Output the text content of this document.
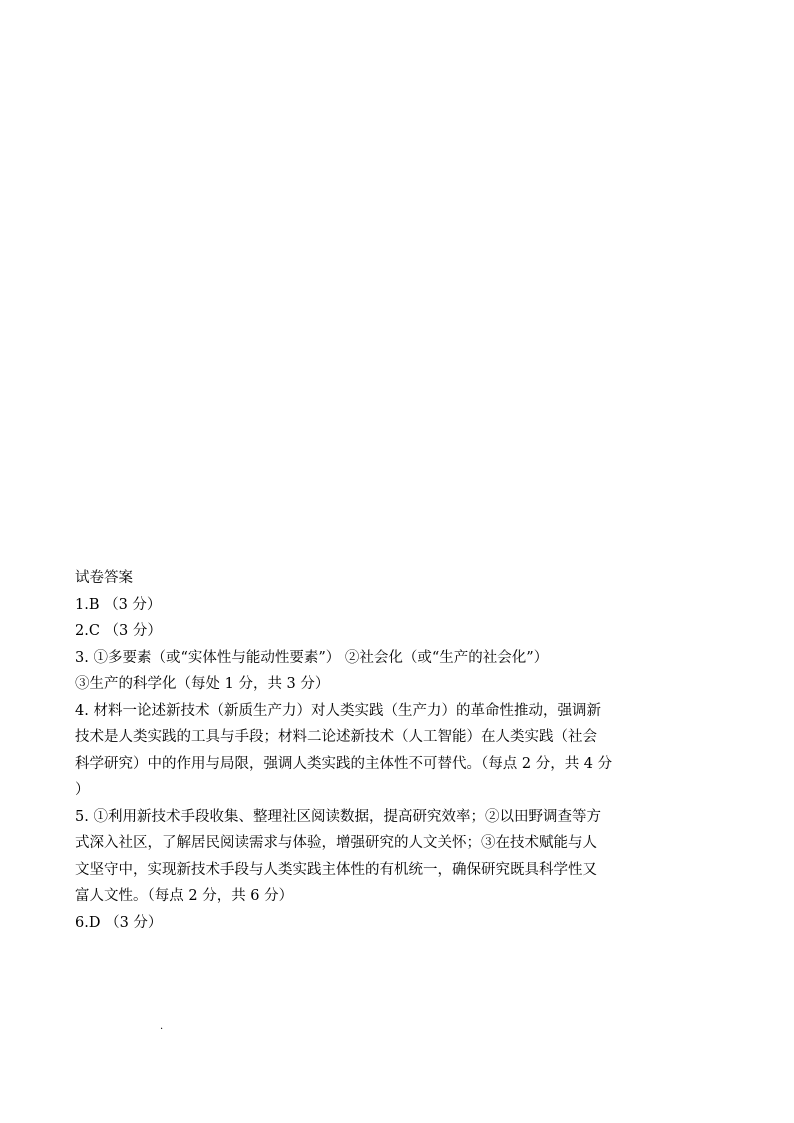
试卷答案
1.B （3 分）
2.C （3 分）
3. ①多要素（或“实体性与能动性要素”） ②社会化（或“生产的社会化”）
③生产的科学化（每处 1 分，共 3 分）
4. 材料一论述新技术（新质生产力）对人类实践（生产力）的革命性推动，强调新
技术是人类实践的工具与手段；材料二论述新技术（人工智能）在人类实践（社会
科学研究）中的作用与局限，强调人类实践的主体性不可替代。（每点 2 分，共 4 分
）
5. ①利用新技术手段收集、整理社区阅读数据，提高研究效率；②以田野调查等方
式深入社区，了解居民阅读需求与体验，增强研究的人文关怀；③在技术赋能与人
文坚守中，实现新技术手段与人类实践主体性的有机统一，确保研究既具科学性又
富人文性。（每点 2 分，共 6 分）
6.D （3 分）
.
